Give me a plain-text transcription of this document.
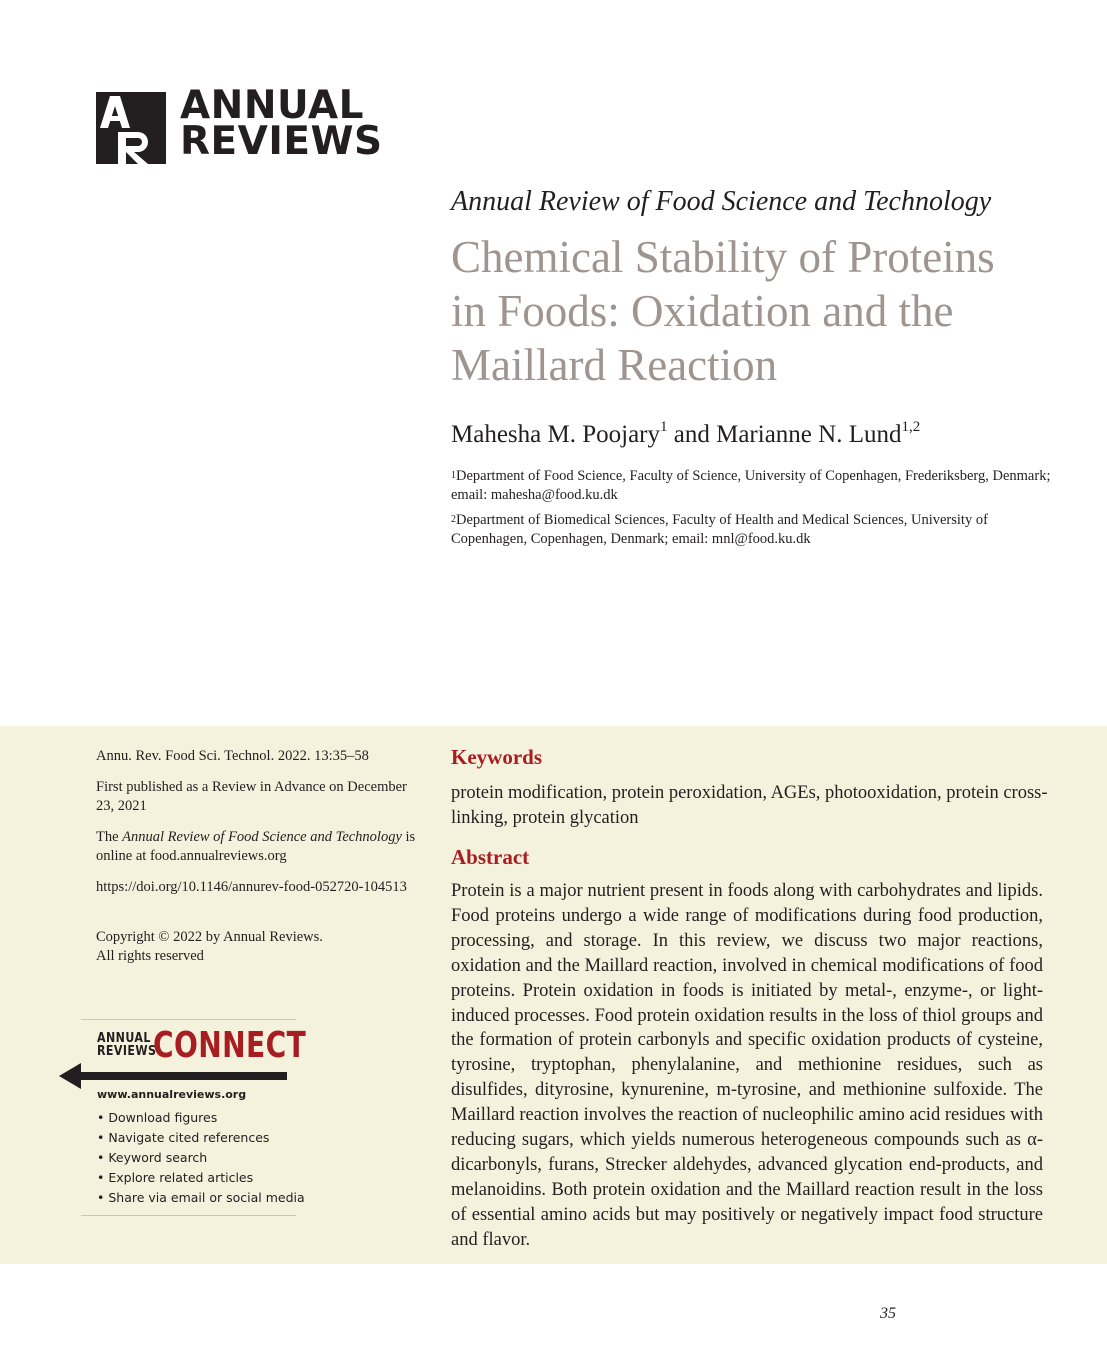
ANNUAL
REVIEWS
Annual Review of Food Science and Technology
Chemical Stability of Proteins
in Foods: Oxidation and the
Maillard Reaction
Mahesha M. Poojary$^1$ and Marianne N. Lund$^{1,2}$
$^1$Department of Food Science, Faculty of Science, University of Copenhagen, Frederiksberg, Denmark; email: mahesha@food.ku.dk
$^2$Department of Biomedical Sciences, Faculty of Health and Medical Sciences, University of Copenhagen, Copenhagen, Denmark; email: mnl@food.ku.dk
Annu. Rev. Food Sci. Technol. 2022. 13:35–58
First published as a Review in Advance on December 23, 2021
The Annual Review of Food Science and Technology is online at food.annualreviews.org
https://doi.org/10.1146/annurev-food-052720-104513
Copyright © 2022 by Annual Reviews.
All rights reserved
ANNUAL
REVIEWS
CONNECT
www.annualreviews.org
• Download figures
• Navigate cited references
• Keyword search
• Explore related articles
• Share via email or social media
Keywords
protein modification, protein peroxidation, AGEs, photooxidation, protein cross-linking, protein glycation
Abstract
Protein is a major nutrient present in foods along with carbohydrates and lipids. Food proteins undergo a wide range of modifications during food production, processing, and storage. In this review, we discuss two major reactions, oxidation and the Maillard reaction, involved in chemical modifications of food proteins. Protein oxidation in foods is initiated by metal-, enzyme-, or light-induced processes. Food protein oxidation results in the loss of thiol groups and the formation of protein carbonyls and specific oxidation products of cysteine, tyrosine, tryptophan, phenylalanine, and methionine residues, such as disulfides, dityrosine, kynurenine, m-tyrosine, and methionine sulfoxide. The Maillard reaction involves the reaction of nucleophilic amino acid residues with reducing sugars, which yields numerous heterogeneous compounds such as α-dicarbonyls, furans, Strecker aldehydes, advanced glycation end-products, and melanoidins. Both protein oxidation and the Maillard reaction result in the loss of essential amino acids but may positively or negatively impact food structure and flavor.
35
